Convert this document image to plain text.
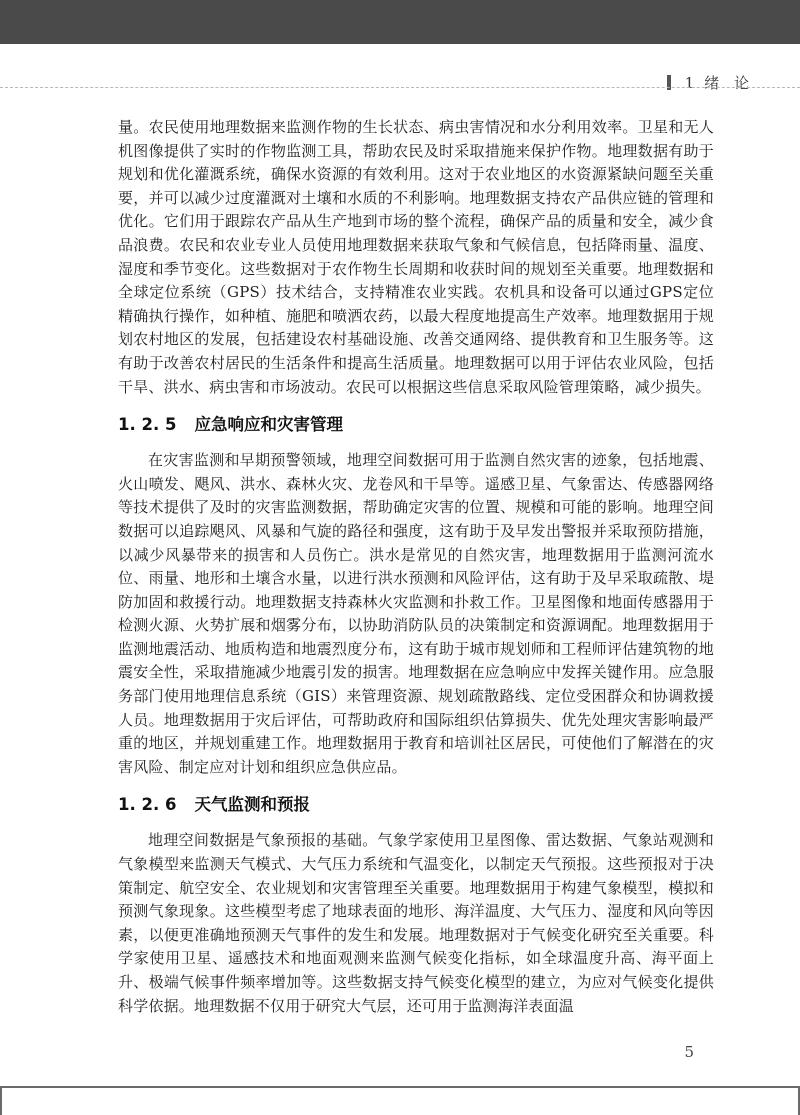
1 绪 论

量。农民使用地理数据来监测作物的生长状态、病虫害情况和水分利用效率。卫星和无人机图像提供了实时的作物监测工具，帮助农民及时采取措施来保护作物。地理数据有助于规划和优化灌溉系统，确保水资源的有效利用。这对于农业地区的水资源紧缺问题至关重要，并可以减少过度灌溉对土壤和水质的不利影响。地理数据支持农产品供应链的管理和优化。它们用于跟踪农产品从生产地到市场的整个流程，确保产品的质量和安全，减少食品浪费。农民和农业专业人员使用地理数据来获取气象和气候信息，包括降雨量、温度、湿度和季节变化。这些数据对于农作物生长周期和收获时间的规划至关重要。地理数据和全球定位系统（GPS）技术结合，支持精准农业实践。农机具和设备可以通过GPS定位精确执行操作，如种植、施肥和喷洒农药，以最大程度地提高生产效率。地理数据用于规划农村地区的发展，包括建设农村基础设施、改善交通网络、提供教育和卫生服务等。这有助于改善农村居民的生活条件和提高生活质量。地理数据可以用于评估农业风险，包括干旱、洪水、病虫害和市场波动。农民可以根据这些信息采取风险管理策略，减少损失。

1. 2. 5 应急响应和灾害管理

在灾害监测和早期预警领域，地理空间数据可用于监测自然灾害的迹象，包括地震、火山喷发、飓风、洪水、森林火灾、龙卷风和干旱等。遥感卫星、气象雷达、传感器网络等技术提供了及时的灾害监测数据，帮助确定灾害的位置、规模和可能的影响。地理空间数据可以追踪飓风、风暴和气旋的路径和强度，这有助于及早发出警报并采取预防措施，以减少风暴带来的损害和人员伤亡。洪水是常见的自然灾害，地理数据用于监测河流水位、雨量、地形和土壤含水量，以进行洪水预测和风险评估，这有助于及早采取疏散、堤防加固和救援行动。地理数据支持森林火灾监测和扑救工作。卫星图像和地面传感器用于检测火源、火势扩展和烟雾分布，以协助消防队员的决策制定和资源调配。地理数据用于监测地震活动、地质构造和地震烈度分布，这有助于城市规划师和工程师评估建筑物的地震安全性，采取措施减少地震引发的损害。地理数据在应急响应中发挥关键作用。应急服务部门使用地理信息系统（GIS）来管理资源、规划疏散路线、定位受困群众和协调救援人员。地理数据用于灾后评估，可帮助政府和国际组织估算损失、优先处理灾害影响最严重的地区，并规划重建工作。地理数据用于教育和培训社区居民，可使他们了解潜在的灾害风险、制定应对计划和组织应急供应品。

1. 2. 6 天气监测和预报

地理空间数据是气象预报的基础。气象学家使用卫星图像、雷达数据、气象站观测和气象模型来监测天气模式、大气压力系统和气温变化，以制定天气预报。这些预报对于决策制定、航空安全、农业规划和灾害管理至关重要。地理数据用于构建气象模型，模拟和预测气象现象。这些模型考虑了地球表面的地形、海洋温度、大气压力、湿度和风向等因素，以便更准确地预测天气事件的发生和发展。地理数据对于气候变化研究至关重要。科学家使用卫星、遥感技术和地面观测来监测气候变化指标，如全球温度升高、海平面上升、极端气候事件频率增加等。这些数据支持气候变化模型的建立，为应对气候变化提供科学依据。地理数据不仅用于研究大气层，还可用于监测海洋表面温

5
